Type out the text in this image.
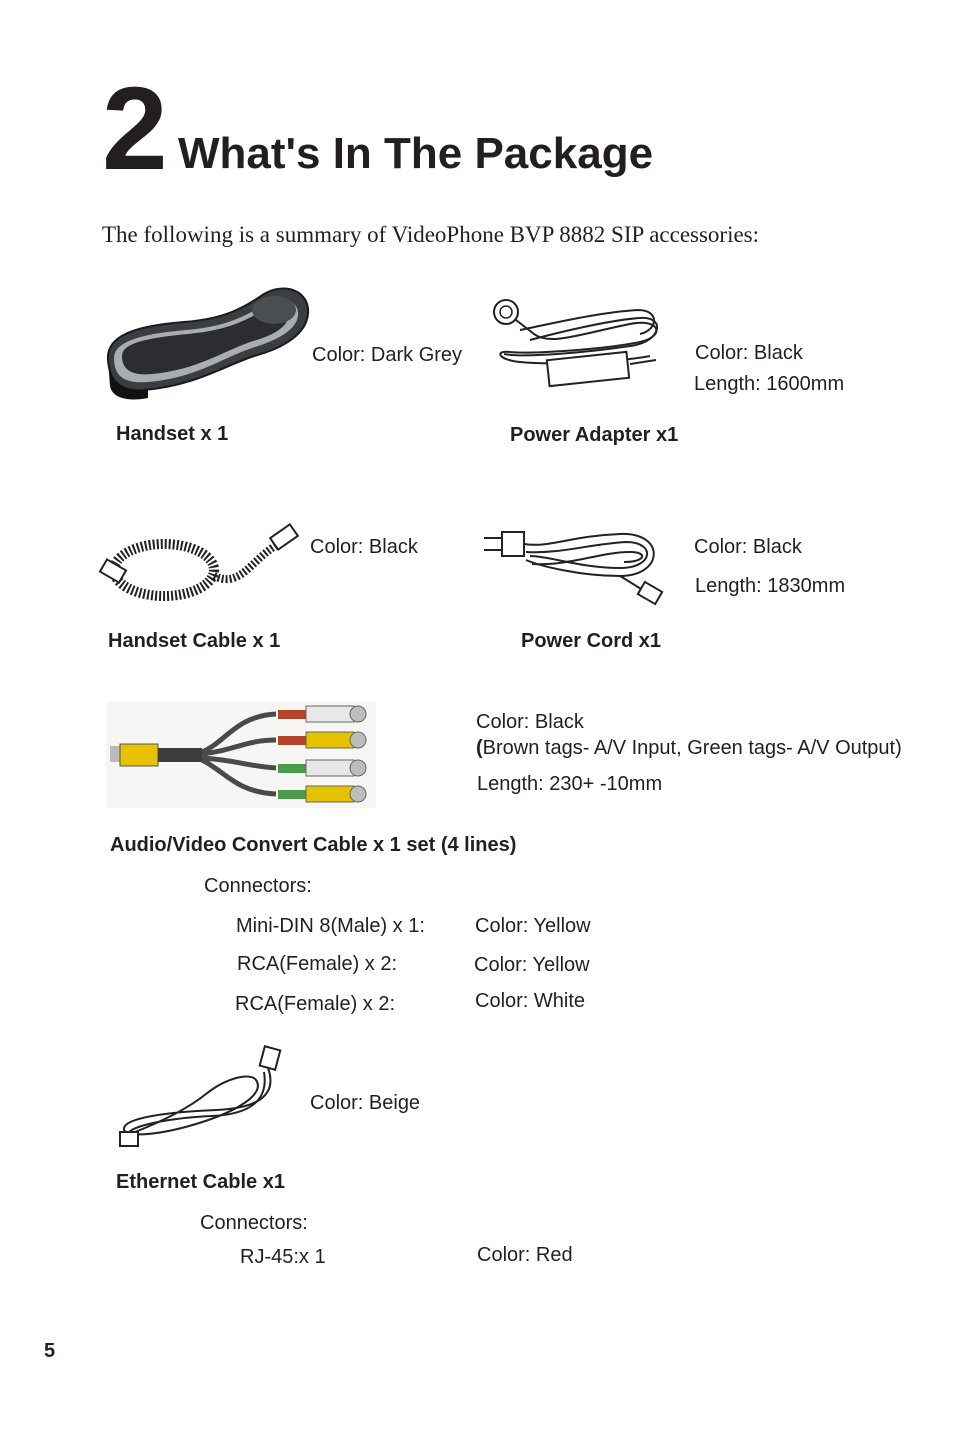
2 What's In The Package
The following is a summary of VideoPhone BVP 8882 SIP accessories:
Color: Dark Grey
Handset x 1
Color: Black
Length: 1600mm
Power Adapter x1
Color: Black
Handset Cable x 1
Color: Black
Length: 1830mm
Power Cord x1
Color: Black
(Brown tags- A/V Input, Green tags- A/V Output)
Length: 230+ -10mm
Audio/Video Convert Cable x 1 set (4 lines)
Connectors:
Mini-DIN 8(Male) x 1:	Color: Yellow
RCA(Female) x 2:	Color: Yellow
RCA(Female) x 2:	Color: White
Color: Beige
Ethernet Cable x1
Connectors:
RJ-45:x 1	Color: Red
5
